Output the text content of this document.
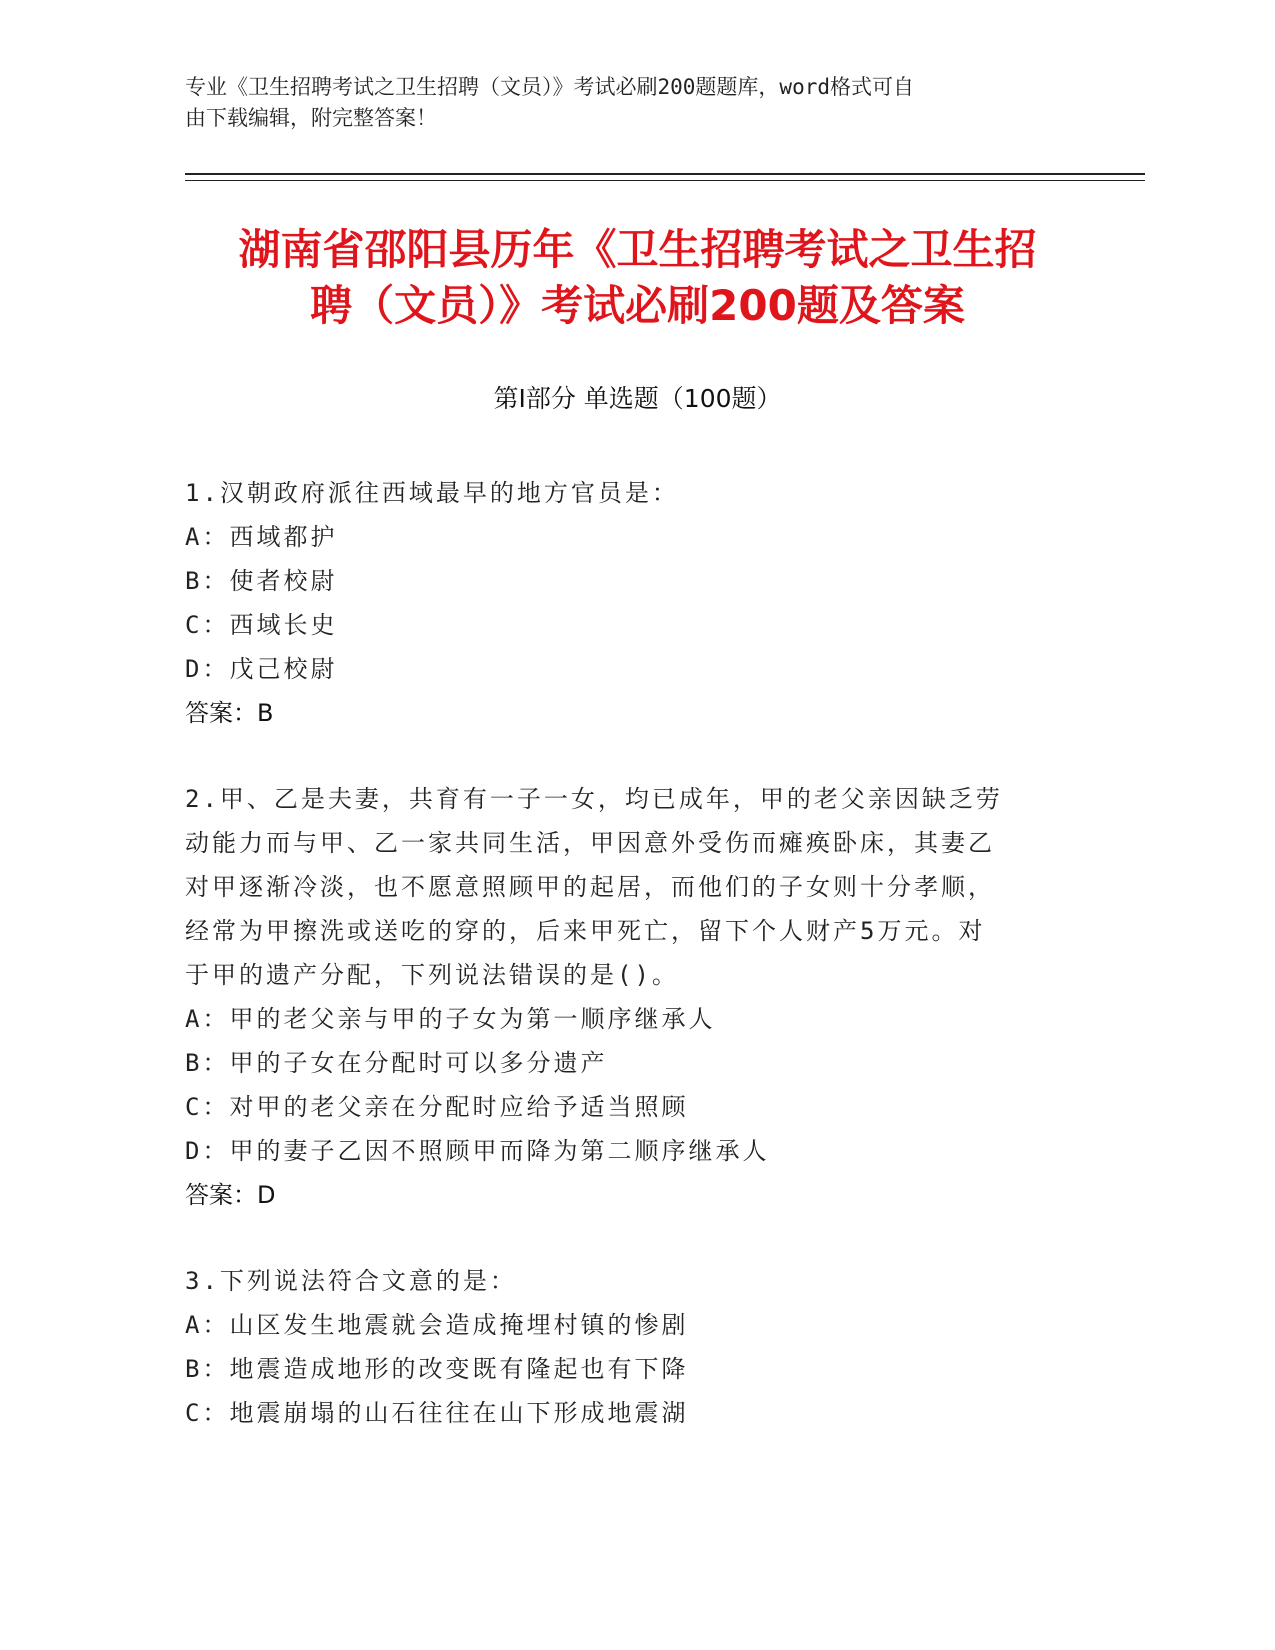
专业《卫生招聘考试之卫生招聘（文员）》考试必刷200题题库，word格式可自
由下载编辑，附完整答案！
湖南省邵阳县历年《卫生招聘考试之卫生招
聘（文员）》考试必刷200题及答案
第Ⅰ部分 单选题（100题）
1.汉朝政府派往西域最早的地方官员是：
A：西域都护
B：使者校尉
C：西域长史
D：戊己校尉
答案：B
2.甲、乙是夫妻，共育有一子一女，均已成年，甲的老父亲因缺乏劳
动能力而与甲、乙一家共同生活，甲因意外受伤而瘫痪卧床，其妻乙
对甲逐渐冷淡，也不愿意照顾甲的起居，而他们的子女则十分孝顺，
经常为甲擦洗或送吃的穿的，后来甲死亡，留下个人财产5万元。对
于甲的遗产分配，下列说法错误的是()。
A：甲的老父亲与甲的子女为第一顺序继承人
B：甲的子女在分配时可以多分遗产
C：对甲的老父亲在分配时应给予适当照顾
D：甲的妻子乙因不照顾甲而降为第二顺序继承人
答案：D
3.下列说法符合文意的是：
A：山区发生地震就会造成掩埋村镇的惨剧
B：地震造成地形的改变既有隆起也有下降
C：地震崩塌的山石往往在山下形成地震湖
